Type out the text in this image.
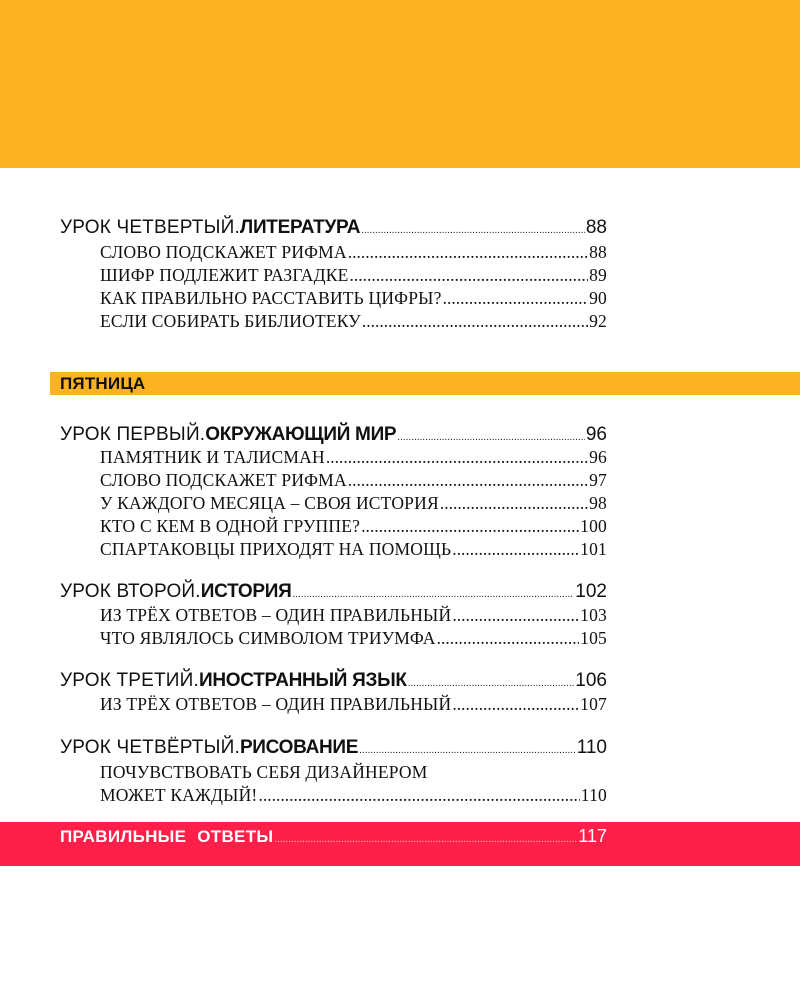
УРОК ЧЕТВЕРТЫЙ. ЛИТЕРАТУРА .....	88
СЛОВО ПОДСКАЖЕТ РИФМА .....	88
ШИФР ПОДЛЕЖИТ РАЗГАДКЕ .....	89
КАК ПРАВИЛЬНО РАССТАВИТЬ ЦИФРЫ? .....	90
ЕСЛИ СОБИРАТЬ БИБЛИОТЕКУ .....	92
ПЯТНИЦА
УРОК ПЕРВЫЙ. ОКРУЖАЮЩИЙ МИР .....	96
ПАМЯТНИК И ТАЛИСМАН .....	96
СЛОВО ПОДСКАЖЕТ РИФМА .....	97
У КАЖДОГО МЕСЯЦА – СВОЯ ИСТОРИЯ .....	98
КТО С КЕМ В ОДНОЙ ГРУППЕ? .....	100
СПАРТАКОВЦЫ ПРИХОДЯТ НА ПОМОЩЬ .....	101
УРОК ВТОРОЙ. ИСТОРИЯ .....	102
ИЗ ТРЁХ ОТВЕТОВ – ОДИН ПРАВИЛЬНЫЙ .....	103
ЧТО ЯВЛЯЛОСЬ СИМВОЛОМ ТРИУМФА .....	105
УРОК ТРЕТИЙ. ИНОСТРАННЫЙ ЯЗЫК .....	106
ИЗ ТРЁХ ОТВЕТОВ – ОДИН ПРАВИЛЬНЫЙ .....	107
УРОК ЧЕТВЁРТЫЙ. РИСОВАНИЕ .....	110
ПОЧУВСТВОВАТЬ СЕБЯ ДИЗАЙНЕРОМ
МОЖЕТ КАЖДЫЙ! .....	110
ПРАВИЛЬНЫЕ ОТВЕТЫ .....	117
